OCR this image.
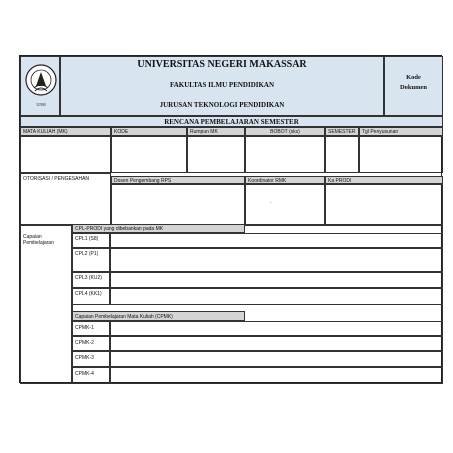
UNM
UNIVERSITAS NEGERI MAKASSAR
FAKULTAS ILMU PENDIDIKAN
JURUSAN TEKNOLOGI PENDIDIKAN
Kode
Dokumen
RENCANA PEMBELAJARAN SEMESTER
MATA KULIAH (MK)	KODE	Rumpun MK	BOBOT (sks)	SEMESTER	Tgl Penyusunan
OTORISASI / PENGESAHAN	Dosen Pengembang RPS	Koordinator RMK	Ka PRODI
.

Capaian
Pembelajaran

CPL-PRODI yang dibebankan pada MK
CPL1 (S8)
CPL2 (P1)
CPL3 (KU2)
CPL4 (KK1)
Capaian Pembelajaran Mata Kuliah (CPMK)
CPMK-1
CPMK-2
CPMK-3
CPMK-4
